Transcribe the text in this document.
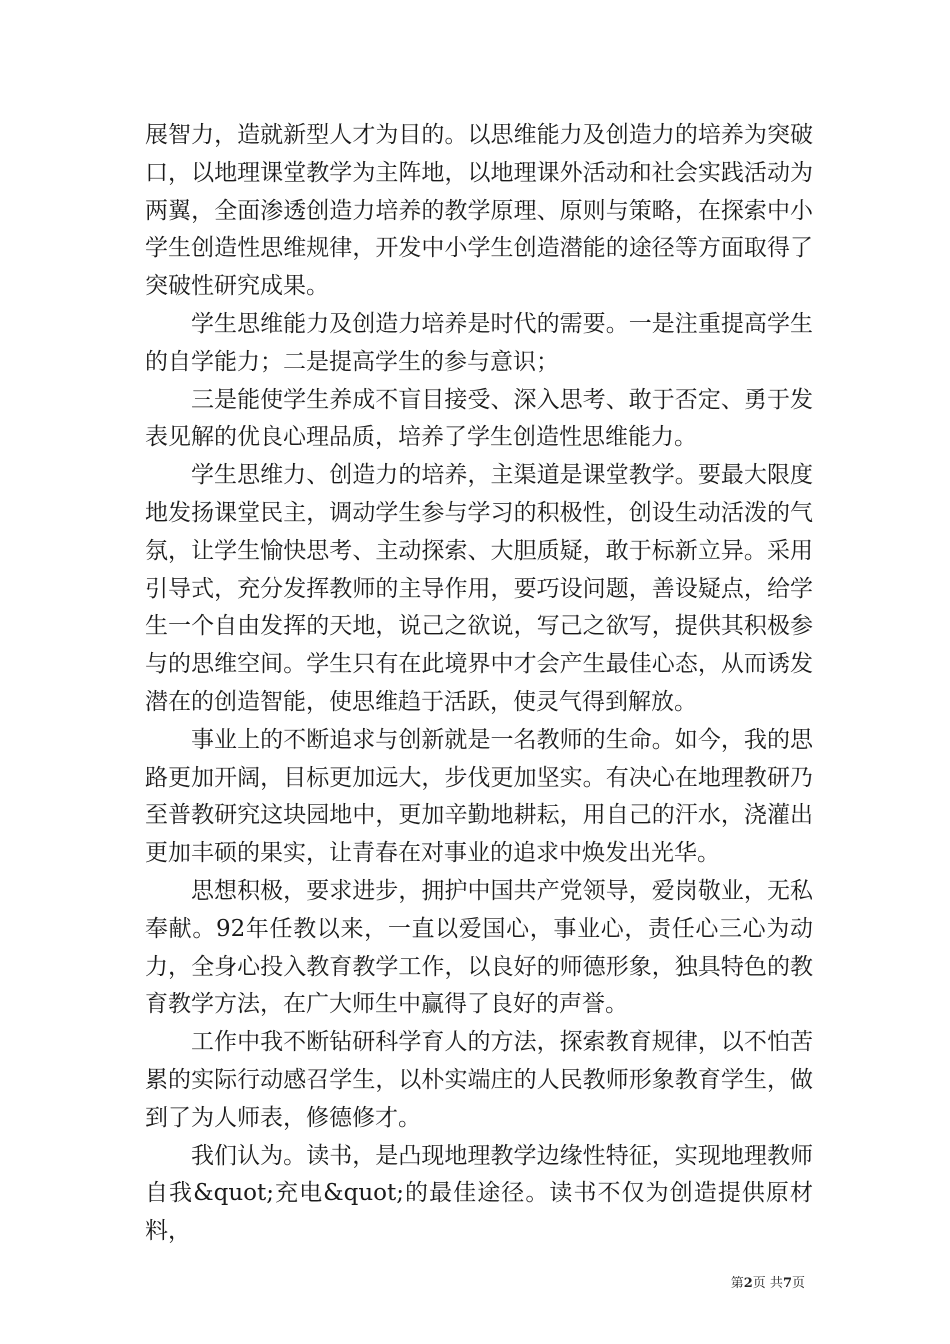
展智力，造就新型人才为目的。以思维能力及创造力的培养为突破口，以地理课堂教学为主阵地，以地理课外活动和社会实践活动为两翼，全面渗透创造力培养的教学原理、原则与策略，在探索中小学生创造性思维规律，开发中小学生创造潜能的途径等方面取得了突破性研究成果。

学生思维能力及创造力培养是时代的需要。一是注重提高学生的自学能力；二是提高学生的参与意识；

三是能使学生养成不盲目接受、深入思考、敢于否定、勇于发表见解的优良心理品质，培养了学生创造性思维能力。

学生思维力、创造力的培养，主渠道是课堂教学。要最大限度地发扬课堂民主，调动学生参与学习的积极性，创设生动活泼的气氛，让学生愉快思考、主动探索、大胆质疑，敢于标新立异。采用引导式，充分发挥教师的主导作用，要巧设问题，善设疑点，给学生一个自由发挥的天地，说己之欲说，写己之欲写，提供其积极参与的思维空间。学生只有在此境界中才会产生最佳心态，从而诱发潜在的创造智能，使思维趋于活跃，使灵气得到解放。

事业上的不断追求与创新就是一名教师的生命。如今，我的思路更加开阔，目标更加远大，步伐更加坚实。有决心在地理教研乃至普教研究这块园地中，更加辛勤地耕耘，用自己的汗水，浇灌出更加丰硕的果实，让青春在对事业的追求中焕发出光华。

思想积极，要求进步，拥护中国共产党领导，爱岗敬业，无私奉献。92年任教以来，一直以爱国心，事业心，责任心三心为动力，全身心投入教育教学工作，以良好的师德形象，独具特色的教育教学方法，在广大师生中赢得了良好的声誉。

工作中我不断钻研科学育人的方法，探索教育规律，以不怕苦累的实际行动感召学生，以朴实端庄的人民教师形象教育学生，做到了为人师表，修德修才。

我们认为。读书，是凸现地理教学边缘性特征，实现地理教师自我&quot;充电&quot;的最佳途径。读书不仅为创造提供原材料，

第2页 共7页
